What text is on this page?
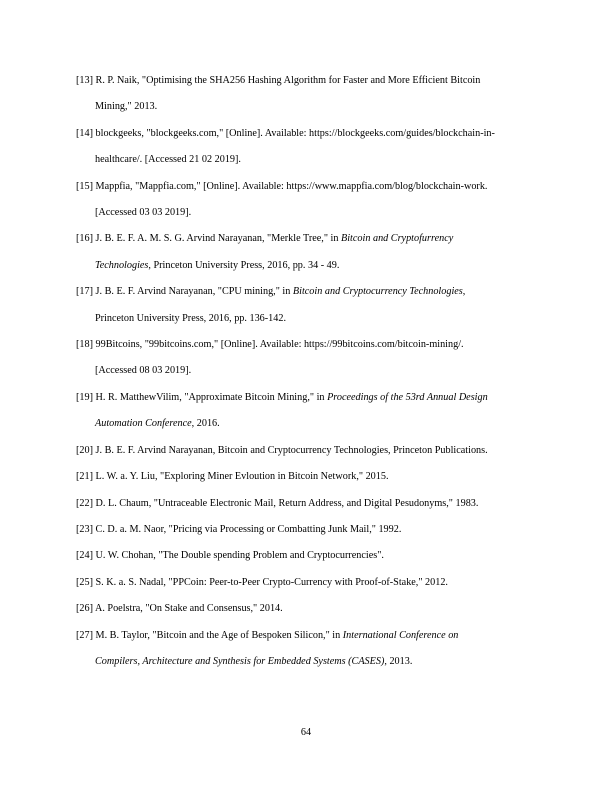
[13] R. P. Naik, "Optimising the SHA256 Hashing Algorithm for Faster and More Efficient Bitcoin
Mining," 2013.

[14] blockgeeks, "blockgeeks.com," [Online]. Available: https://blockgeeks.com/guides/blockchain-in-
healthcare/. [Accessed 21 02 2019].

[15] Mappfia, "Mappfia.com," [Online]. Available: https://www.mappfia.com/blog/blockchain-work.
[Accessed 03 03 2019].

[16] J. B. E. F. A. M. S. G. Arvind Narayanan, "Merkle Tree," in Bitcoin and Cryptofurrency
Technologies, Princeton University Press, 2016, pp. 34 - 49.

[17] J. B. E. F. Arvind Narayanan, "CPU mining," in Bitcoin and Cryptocurrency Technologies,
Princeton University Press, 2016, pp. 136-142.

[18] 99Bitcoins, "99bitcoins.com," [Online]. Available: https://99bitcoins.com/bitcoin-mining/.
[Accessed 08 03 2019].

[19] H. R. MatthewVilim, "Approximate Bitcoin Mining," in Proceedings of the 53rd Annual Design
Automation Conference, 2016.

[20] J. B. E. F. Arvind Narayanan, Bitcoin and Cryptocurrency Technologies, Princeton Publications.

[21] L. W. a. Y. Liu, "Exploring Miner Evloution in Bitcoin Network," 2015.

[22] D. L. Chaum, "Untraceable Electronic Mail, Return Address, and Digital Pesudonyms," 1983.

[23] C. D. a. M. Naor, "Pricing via Processing or Combatting Junk Mail," 1992.

[24] U. W. Chohan, "The Double spending Problem and Cryptocurrencies".

[25] S. K. a. S. Nadal, "PPCoin: Peer-to-Peer Crypto-Currency with Proof-of-Stake," 2012.

[26] A. Poelstra, "On Stake and Consensus," 2014.

[27] M. B. Taylor, "Bitcoin and the Age of Bespoken Silicon," in International Conference on
Compilers, Architecture and Synthesis for Embedded Systems (CASES), 2013.

64
